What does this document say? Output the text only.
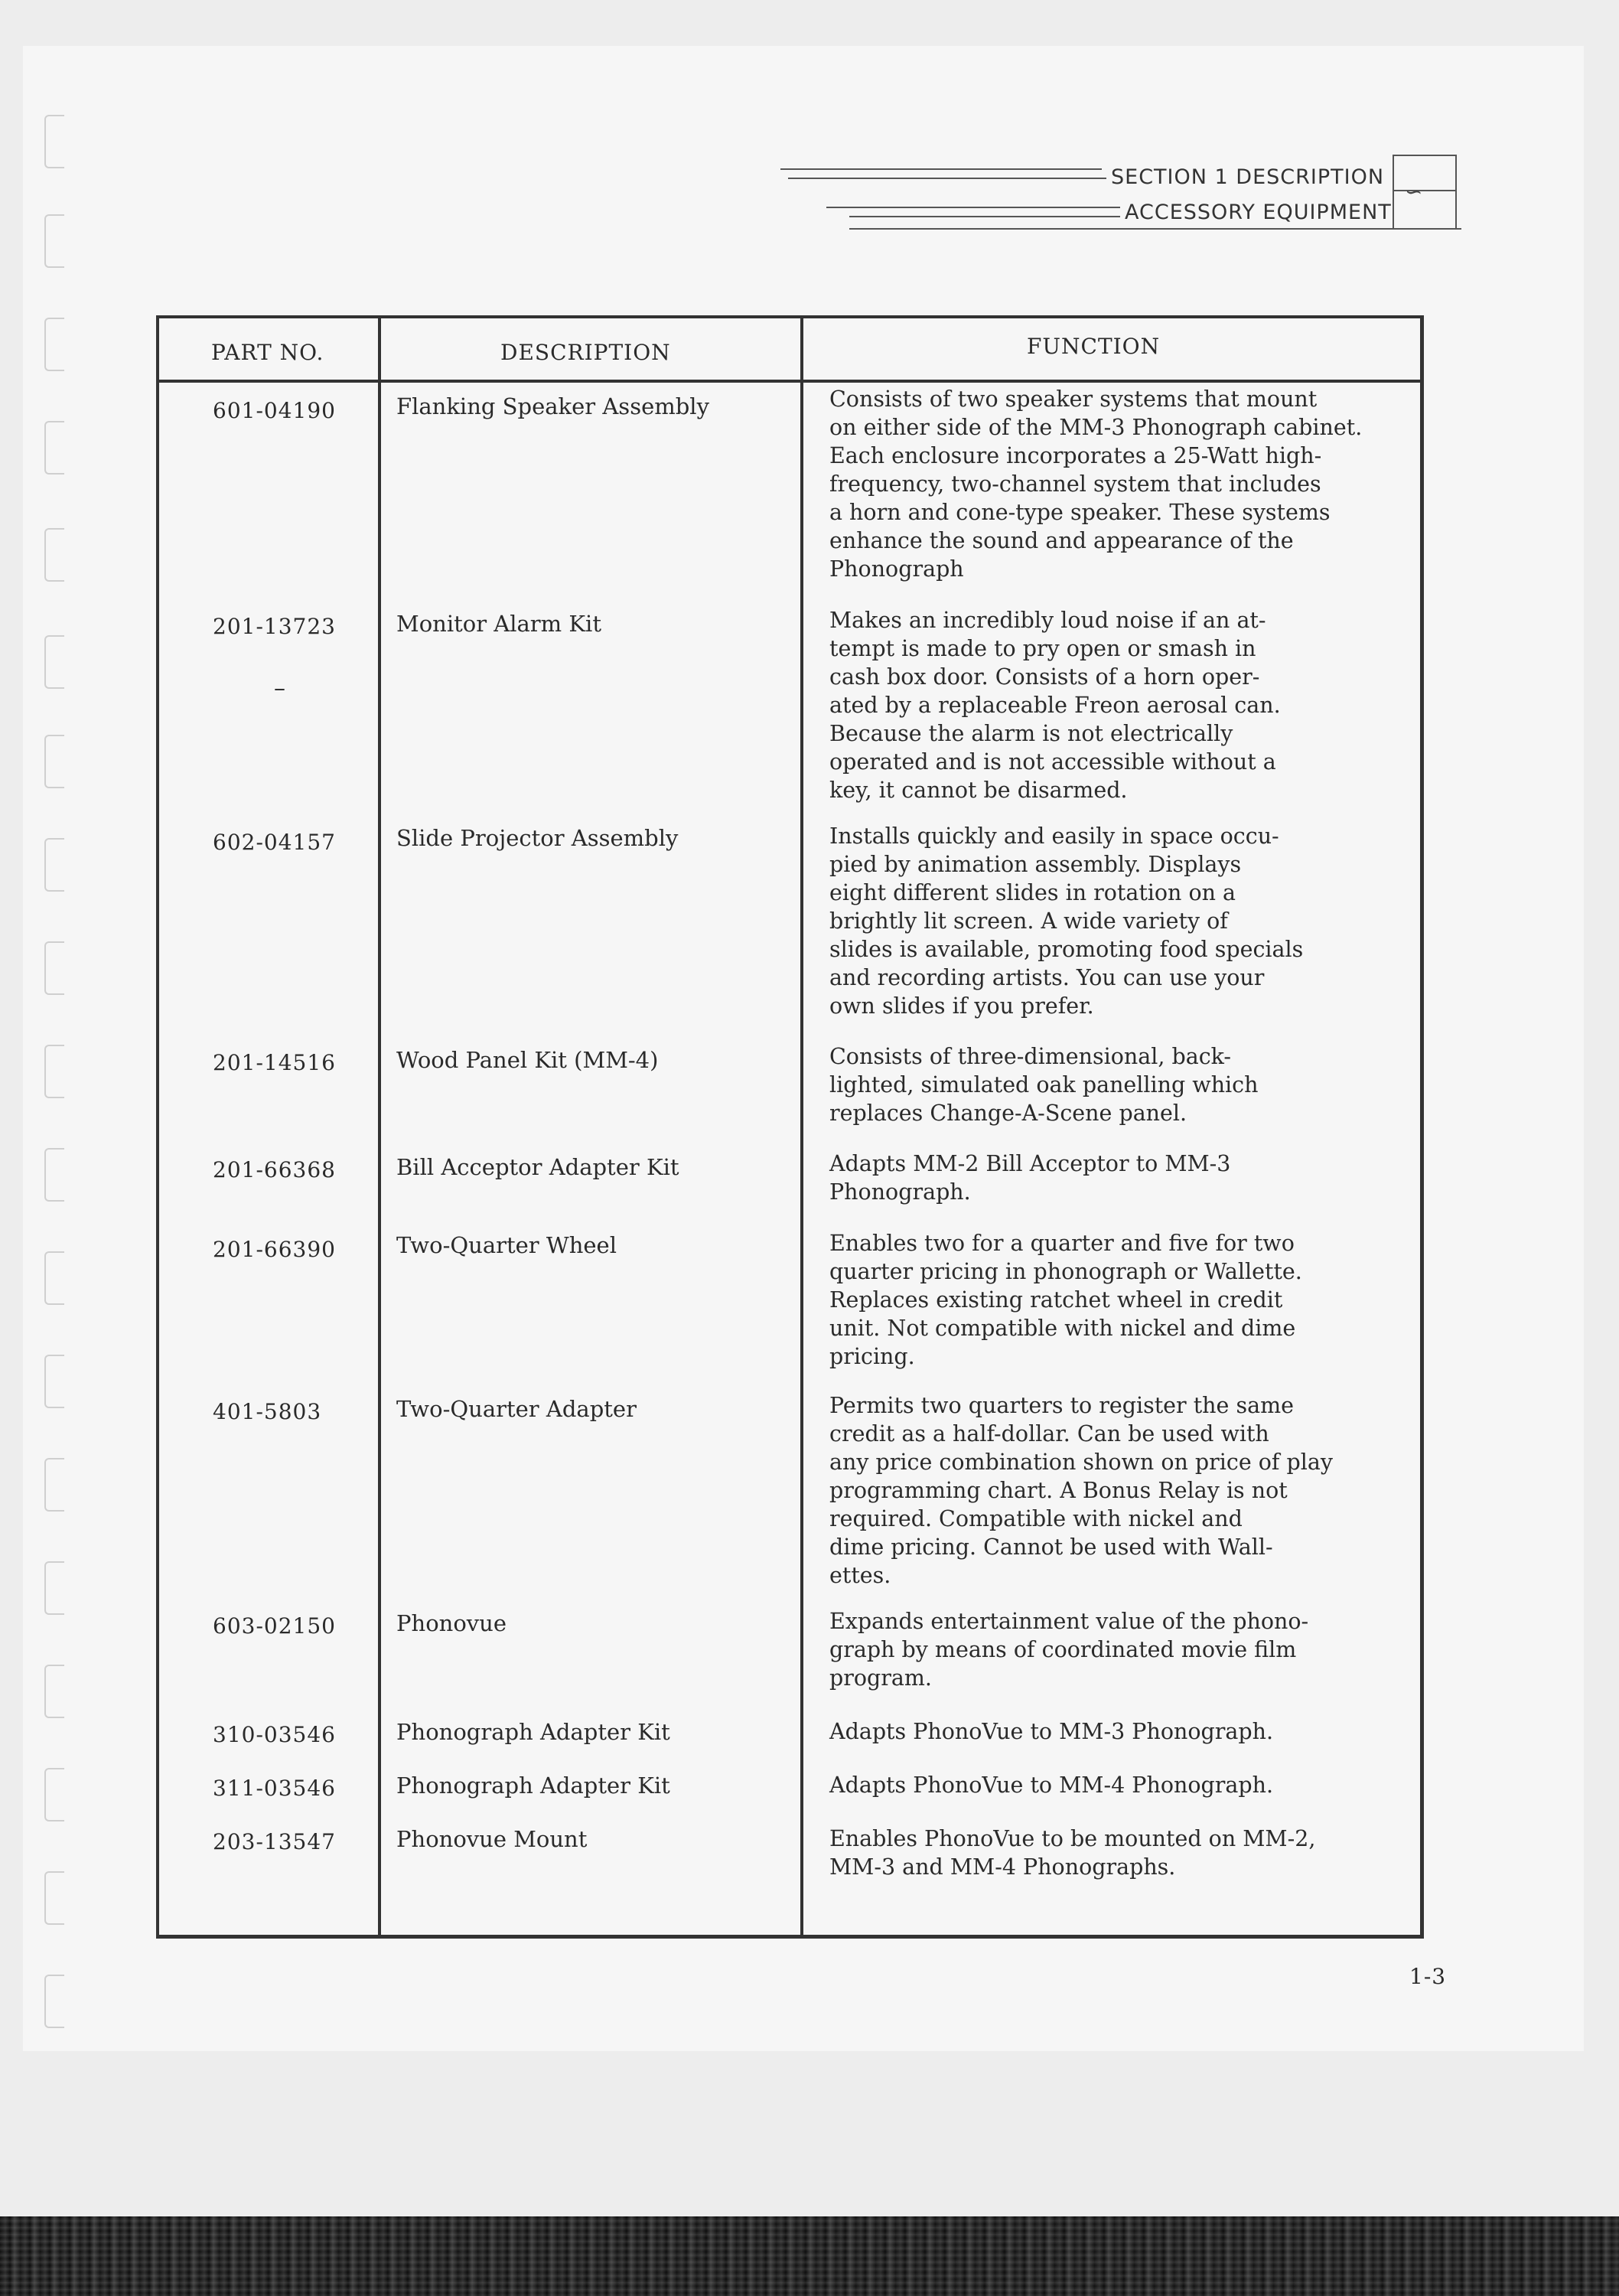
SECTION 1 DESCRIPTION
ACCESSORY EQUIPMENT
∽
PART NO.	DESCRIPTION	FUNCTION
601-04190	Flanking Speaker Assembly	Consists of two speaker systems that mount
on either side of the MM-3 Phonograph cabinet.
Each enclosure incorporates a 25-Watt high-
frequency, two-channel system that includes
a horn and cone-type speaker. These systems
enhance the sound and appearance of the
Phonograph
201-13723	Monitor Alarm Kit	Makes an incredibly loud noise if an at-
tempt is made to pry open or smash in
cash box door. Consists of a horn oper-
ated by a replaceable Freon aerosal can.
Because the alarm is not electrically
operated and is not accessible without a
key, it cannot be disarmed.
–
602-04157	Slide Projector Assembly	Installs quickly and easily in space occu-
pied by animation assembly. Displays
eight different slides in rotation on a
brightly lit screen. A wide variety of
slides is available, promoting food specials
and recording artists. You can use your
own slides if you prefer.
201-14516	Wood Panel Kit (MM-4)	Consists of three-dimensional, back-
lighted, simulated oak panelling which
replaces Change-A-Scene panel.
201-66368	Bill Acceptor Adapter Kit	Adapts MM-2 Bill Acceptor to MM-3
Phonograph.
201-66390	Two-Quarter Wheel	Enables two for a quarter and five for two
quarter pricing in phonograph or Wallette.
Replaces existing ratchet wheel in credit
unit. Not compatible with nickel and dime
pricing.
401-5803	Two-Quarter Adapter	Permits two quarters to register the same
credit as a half-dollar. Can be used with
any price combination shown on price of play
programming chart. A Bonus Relay is not
required. Compatible with nickel and
dime pricing. Cannot be used with Wall-
ettes.
603-02150	Phonovue	Expands entertainment value of the phono-
graph by means of coordinated movie film
program.
310-03546	Phonograph Adapter Kit	Adapts PhonoVue to MM-3 Phonograph.
311-03546	Phonograph Adapter Kit	Adapts PhonoVue to MM-4 Phonograph.
203-13547	Phonovue Mount	Enables PhonoVue to be mounted on MM-2,
MM-3 and MM-4 Phonographs.
1-3
